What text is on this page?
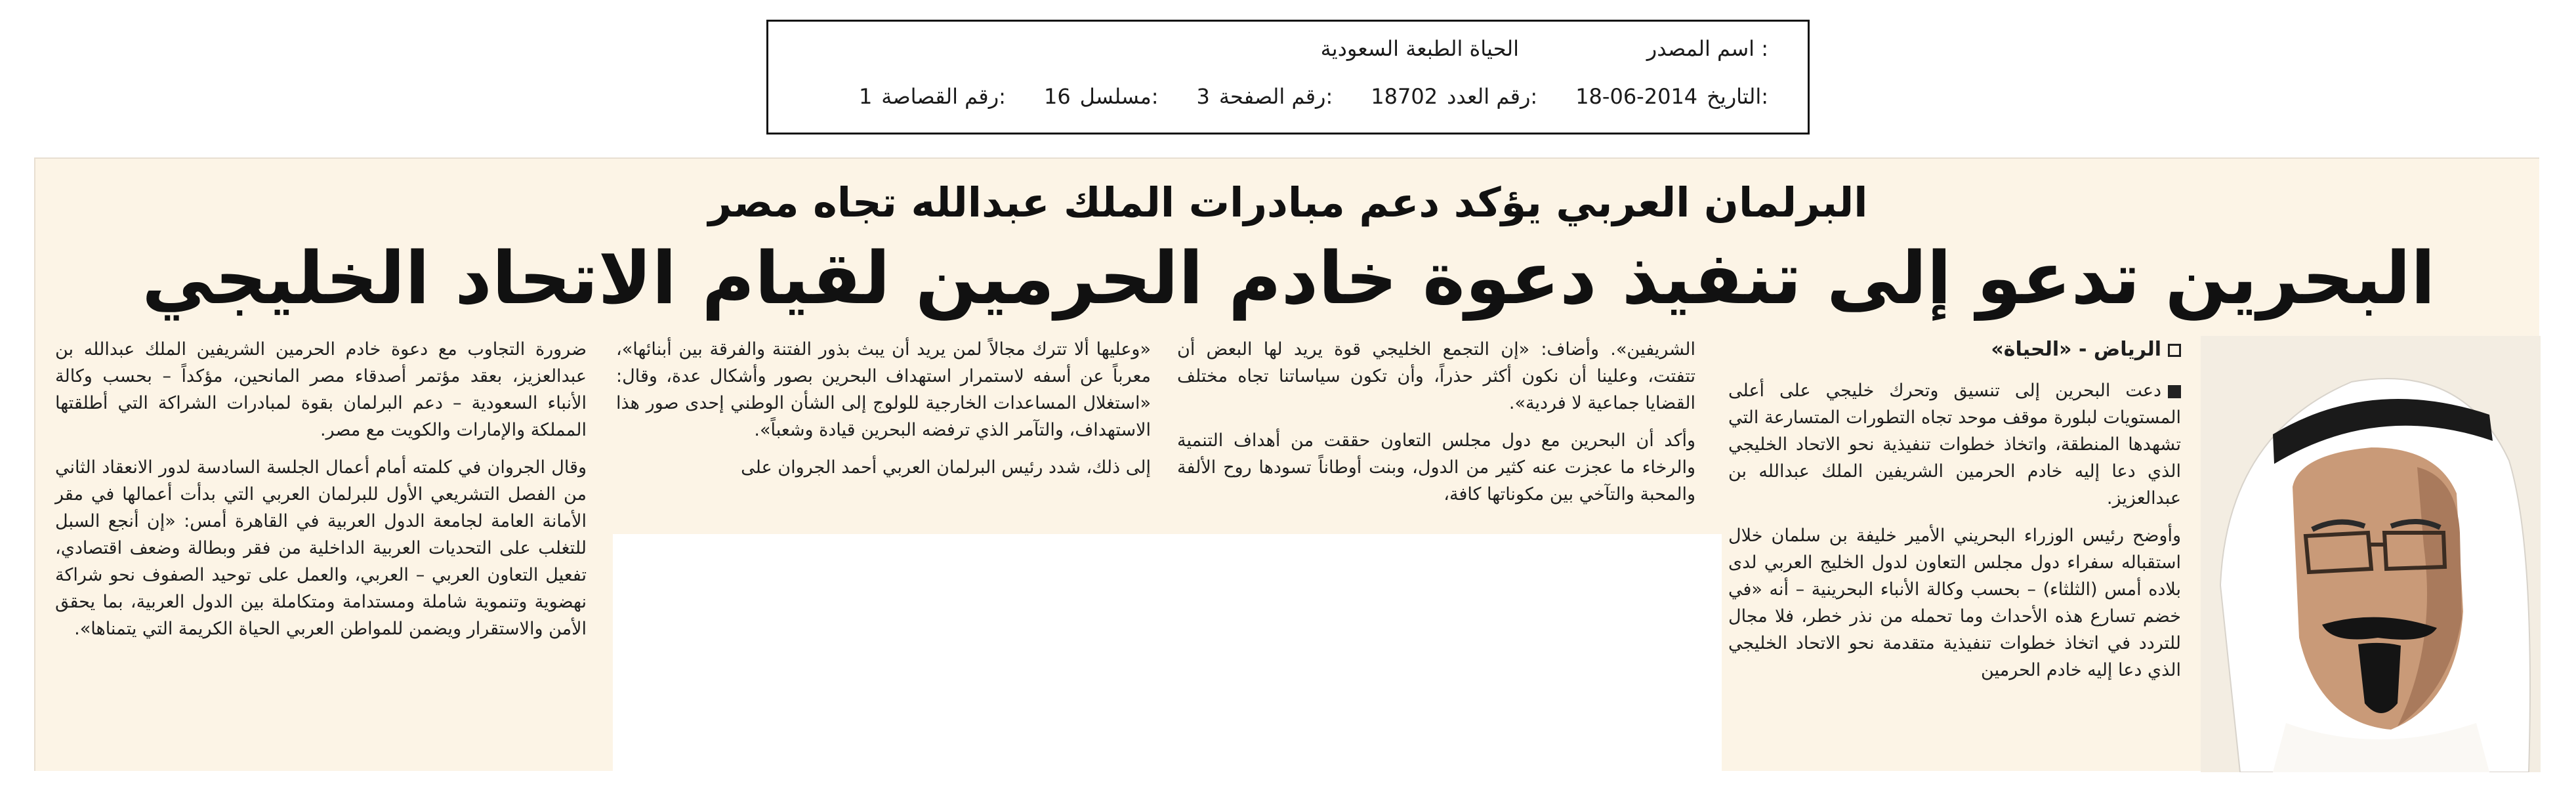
اسم المصدر :
الحياة الطبعة السعودية
التاريخ:
18-06-2014
رقم العدد:
18702
رقم الصفحة:
3
مسلسل:
16
رقم القصاصة:
1
البرلمان العربي يؤكد دعم مبادرات الملك عبدالله تجاه مصر
البحرين تدعو إلى تنفيذ دعوة خادم الحرمين لقيام الاتحاد الخليجي

الرياض - «الحياة»

دعت البحرين إلى تنسيق وتحرك خليجي على أعلى المستويات لبلورة موقف موحد تجاه التطورات المتسارعة التي تشهدها المنطقة، واتخاذ خطوات تنفيذية نحو الاتحاد الخليجي الذي دعا إليه خادم الحرمين الشريفين الملك عبدالله بن عبدالعزيز.

وأوضح رئيس الوزراء البحريني الأمير خليفة بن سلمان خلال استقباله سفراء دول مجلس التعاون لدول الخليج العربي لدى بلاده أمس (الثلثاء) – بحسب وكالة الأنباء البحرينية – أنه «في خضم تسارع هذه الأحداث وما تحمله من نذر خطر، فلا مجال للتردد في اتخاذ خطوات تنفيذية متقدمة نحو الاتحاد الخليجي الذي دعا إليه خادم الحرمين

الشريفين». وأضاف: «إن التجمع الخليجي قوة يريد لها البعض أن تتفتت، وعلينا أن نكون أكثر حذراً، وأن تكون سياساتنا تجاه مختلف القضايا جماعية لا فردية».

وأكد أن البحرين مع دول مجلس التعاون حققت من أهداف التنمية والرخاء ما عجزت عنه كثير من الدول، وبنت أوطاناً تسودها روح الألفة والمحبة والتآخي بين مكوناتها كافة،

«وعليها ألا تترك مجالاً لمن يريد أن يبث بذور الفتنة والفرقة بين أبنائها»، معرباً عن أسفه لاستمرار استهداف البحرين بصور وأشكال عدة، وقال: «استغلال المساعدات الخارجية للولوج إلى الشأن الوطني إحدى صور هذا الاستهداف، والتآمر الذي ترفضه البحرين قيادة وشعباً».

إلى ذلك، شدد رئيس البرلمان العربي أحمد الجروان على

ضرورة التجاوب مع دعوة خادم الحرمين الشريفين الملك عبدالله بن عبدالعزيز، بعقد مؤتمر أصدقاء مصر المانحين، مؤكداً – بحسب وكالة الأنباء السعودية – دعم البرلمان بقوة لمبادرات الشراكة التي أطلقتها المملكة والإمارات والكويت مع مصر.

وقال الجروان في كلمته أمام أعمال الجلسة السادسة لدور الانعقاد الثاني من الفصل التشريعي الأول للبرلمان العربي التي بدأت أعمالها في مقر الأمانة العامة لجامعة الدول العربية في القاهرة أمس: «إن أنجع السبل للتغلب على التحديات العربية الداخلية من فقر وبطالة وضعف اقتصادي، تفعيل التعاون العربي – العربي، والعمل على توحيد الصفوف نحو شراكة نهضوية وتنموية شاملة ومستدامة ومتكاملة بين الدول العربية، بما يحقق الأمن والاستقرار ويضمن للمواطن العربي الحياة الكريمة التي يتمناها».
